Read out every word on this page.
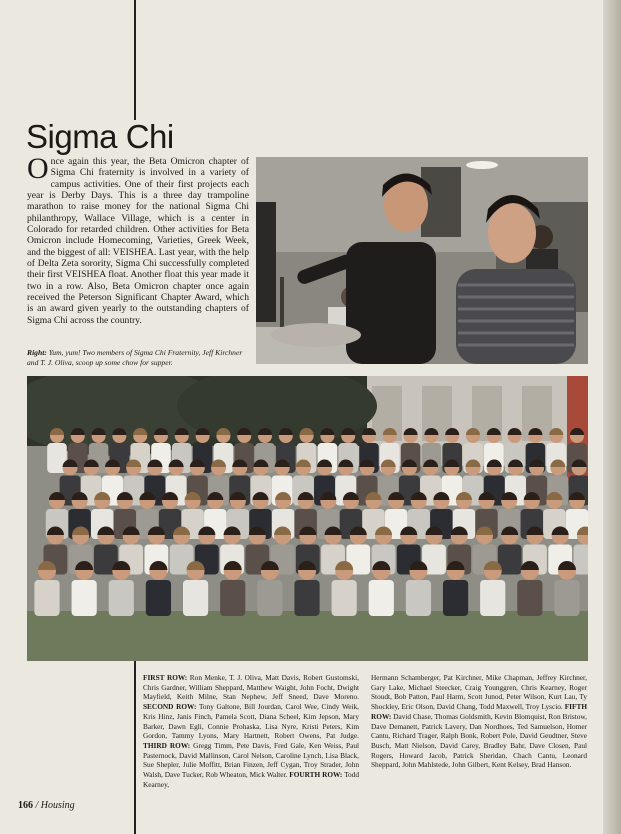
Sigma Chi

Once again this year, the Beta Omicron chapter of Sigma Chi fraternity is involved in a variety of campus activities. One of their first projects each year is Derby Days. This is a three day trampoline marathon to raise money for the national Sigma Chi philanthropy, Wallace Village, which is a center in Colorado for retarded children. Other activities for Beta Omicron include Homecoming, Varieties, Greek Week, and the biggest of all: VEISHEA. Last year, with the help of Delta Zeta sorority, Sigma Chi successfully completed their first VEISHEA float. Another float this year made it two in a row. Also, Beta Omicron chapter once again received the Peterson Significant Chapter Award, which is an award given yearly to the outstanding chapters of Sigma Chi across the country.

Right: Yum, yum! Two members of Sigma Chi Fraternity, Jeff Kirchner and T. J. Oliva, scoop up some chow for supper.

FIRST ROW: Ron Menke, T. J. Oliva, Matt Davis, Robert Gustomski, Chris Gardner, William Sheppard, Matthew Waight, John Focht, Dwight Mayfield, Keith Milne, Stan Nephew, Jeff Sneed, Dave Moreno. SECOND ROW: Tony Galtone, Bill Jourdan, Carol Wee, Cindy Weik, Kris Hinz, Janis Finch, Pamela Scott, Diana Scheel, Kim Jepson, Mary Barker, Dawn Egli, Connie Prohaska, Lisa Nyre, Kristi Peters, Kim Gordon, Tammy Lyons, Mary Hartnett, Robert Owens, Pat Judge. THIRD ROW: Gregg Timm, Pete Davis, Fred Gale, Ken Weiss, Paul Pasternock, David Mallinson, Carol Nelson, Caroline Lynch, Lisa Black, Sue Shepler, Julie Moffitt, Brian Finzen, Jeff Cygan, Troy Strader, John Walsh, Dave Tucker, Rob Wheaton, Mick Walter. FOURTH ROW: Todd Kearney,

Hermann Schamberger, Pat Kirchner, Mike Chapman, Jeffrey Kirchner, Gary Lake, Michael Steecker, Craig Younggren, Chris Kearney, Roger Stoudt, Bob Patton, Paul Harm, Scott Junod, Peter Wilson, Kurt Lau, Ty Shockley, Eric Olson, David Chang, Todd Maxwell, Troy Lyscio. FIFTH ROW: David Chase, Thomas Goldsmith, Kevin Blomquist, Ron Bristow, Dave Demanett, Patrick Lavery, Dan Nordhoes, Ted Samuelson, Homer Cantu, Richard Trager, Ralph Bonk, Robert Pole, David Geudtner, Steve Busch, Matt Nielson, David Carey, Bradley Bahr, Dave Closen, Paul Rogers, Howard Jacob, Patrick Sheridan, Chach Cantu, Leonard Sheppard, John Mahlstede, John Gilbert, Kent Kelsey, Brad Hanson.

166 / Housing
